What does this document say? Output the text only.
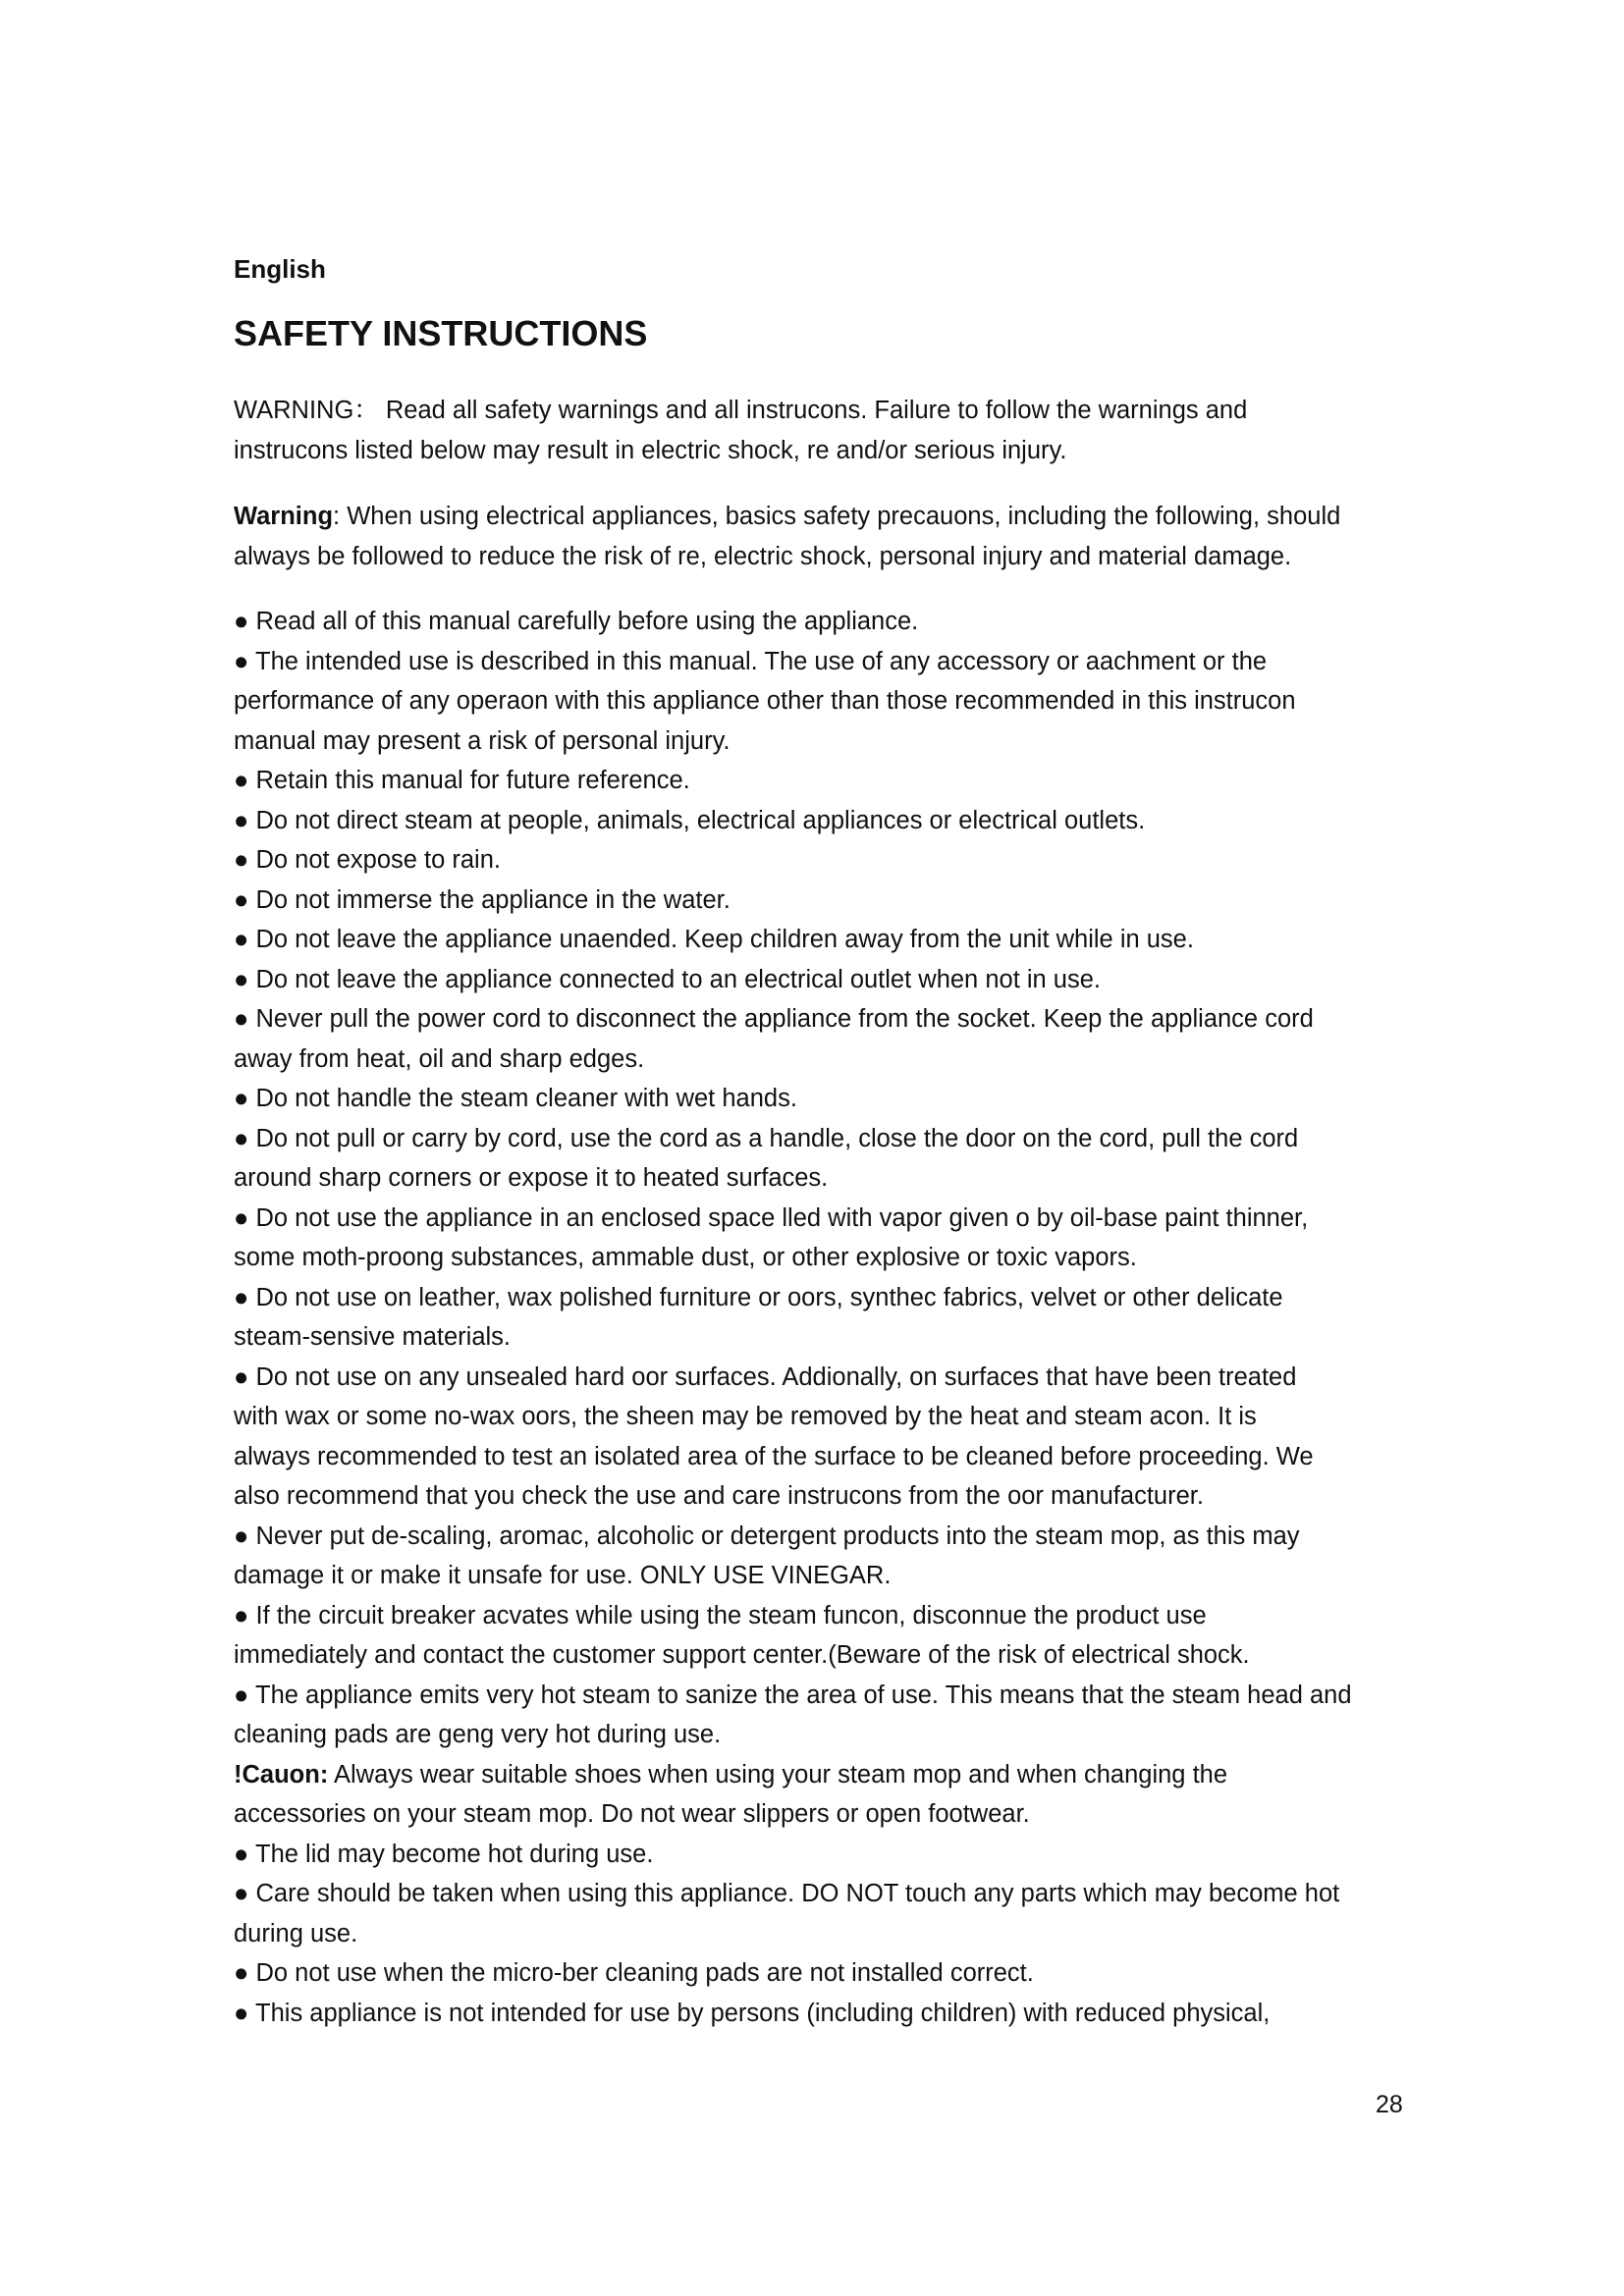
English
SAFETY INSTRUCTIONS

WARNING： Read all safety warnings and all instrucons. Failure to follow the warnings and
instrucons listed below may result in electric shock, re and/or serious injury.

Warning: When using electrical appliances, basics safety precauons, including the following, should
always be followed to reduce the risk of re, electric shock, personal injury and material damage.

● Read all of this manual carefully before using the appliance.
● The intended use is described in this manual. The use of any accessory or aachment or the
performance of any operaon with this appliance other than those recommended in this instrucon
manual may present a risk of personal injury.
● Retain this manual for future reference.
● Do not direct steam at people, animals, electrical appliances or electrical outlets.
● Do not expose to rain.
● Do not immerse the appliance in the water.
● Do not leave the appliance unaended. Keep children away from the unit while in use.
● Do not leave the appliance connected to an electrical outlet when not in use.
● Never pull the power cord to disconnect the appliance from the socket. Keep the appliance cord
away from heat, oil and sharp edges.
● Do not handle the steam cleaner with wet hands.
● Do not pull or carry by cord, use the cord as a handle, close the door on the cord, pull the cord
around sharp corners or expose it to heated surfaces.
● Do not use the appliance in an enclosed space lled with vapor given o by oil-base paint thinner,
some moth-proong substances, ammable dust, or other explosive or toxic vapors.
● Do not use on leather, wax polished furniture or oors, synthec fabrics, velvet or other delicate
steam-sensive materials.
● Do not use on any unsealed hard oor surfaces. Addionally, on surfaces that have been treated
with wax or some no-wax oors, the sheen may be removed by the heat and steam acon. It is
always recommended to test an isolated area of the surface to be cleaned before proceeding. We
also recommend that you check the use and care instrucons from the oor manufacturer.
● Never put de-scaling, aromac, alcoholic or detergent products into the steam mop, as this may
damage it or make it unsafe for use. ONLY USE VINEGAR.
● If the circuit breaker acvates while using the steam funcon, disconnue the product use
immediately and contact the customer support center.(Beware of the risk of electrical shock.
● The appliance emits very hot steam to sanize the area of use. This means that the steam head and
cleaning pads are geng very hot during use.
!Cauon: Always wear suitable shoes when using your steam mop and when changing the
accessories on your steam mop. Do not wear slippers or open footwear.
● The lid may become hot during use.
● Care should be taken when using this appliance. DO NOT touch any parts which may become hot
during use.
● Do not use when the micro-ber cleaning pads are not installed correct.
● This appliance is not intended for use by persons (including children) with reduced physical,
28
